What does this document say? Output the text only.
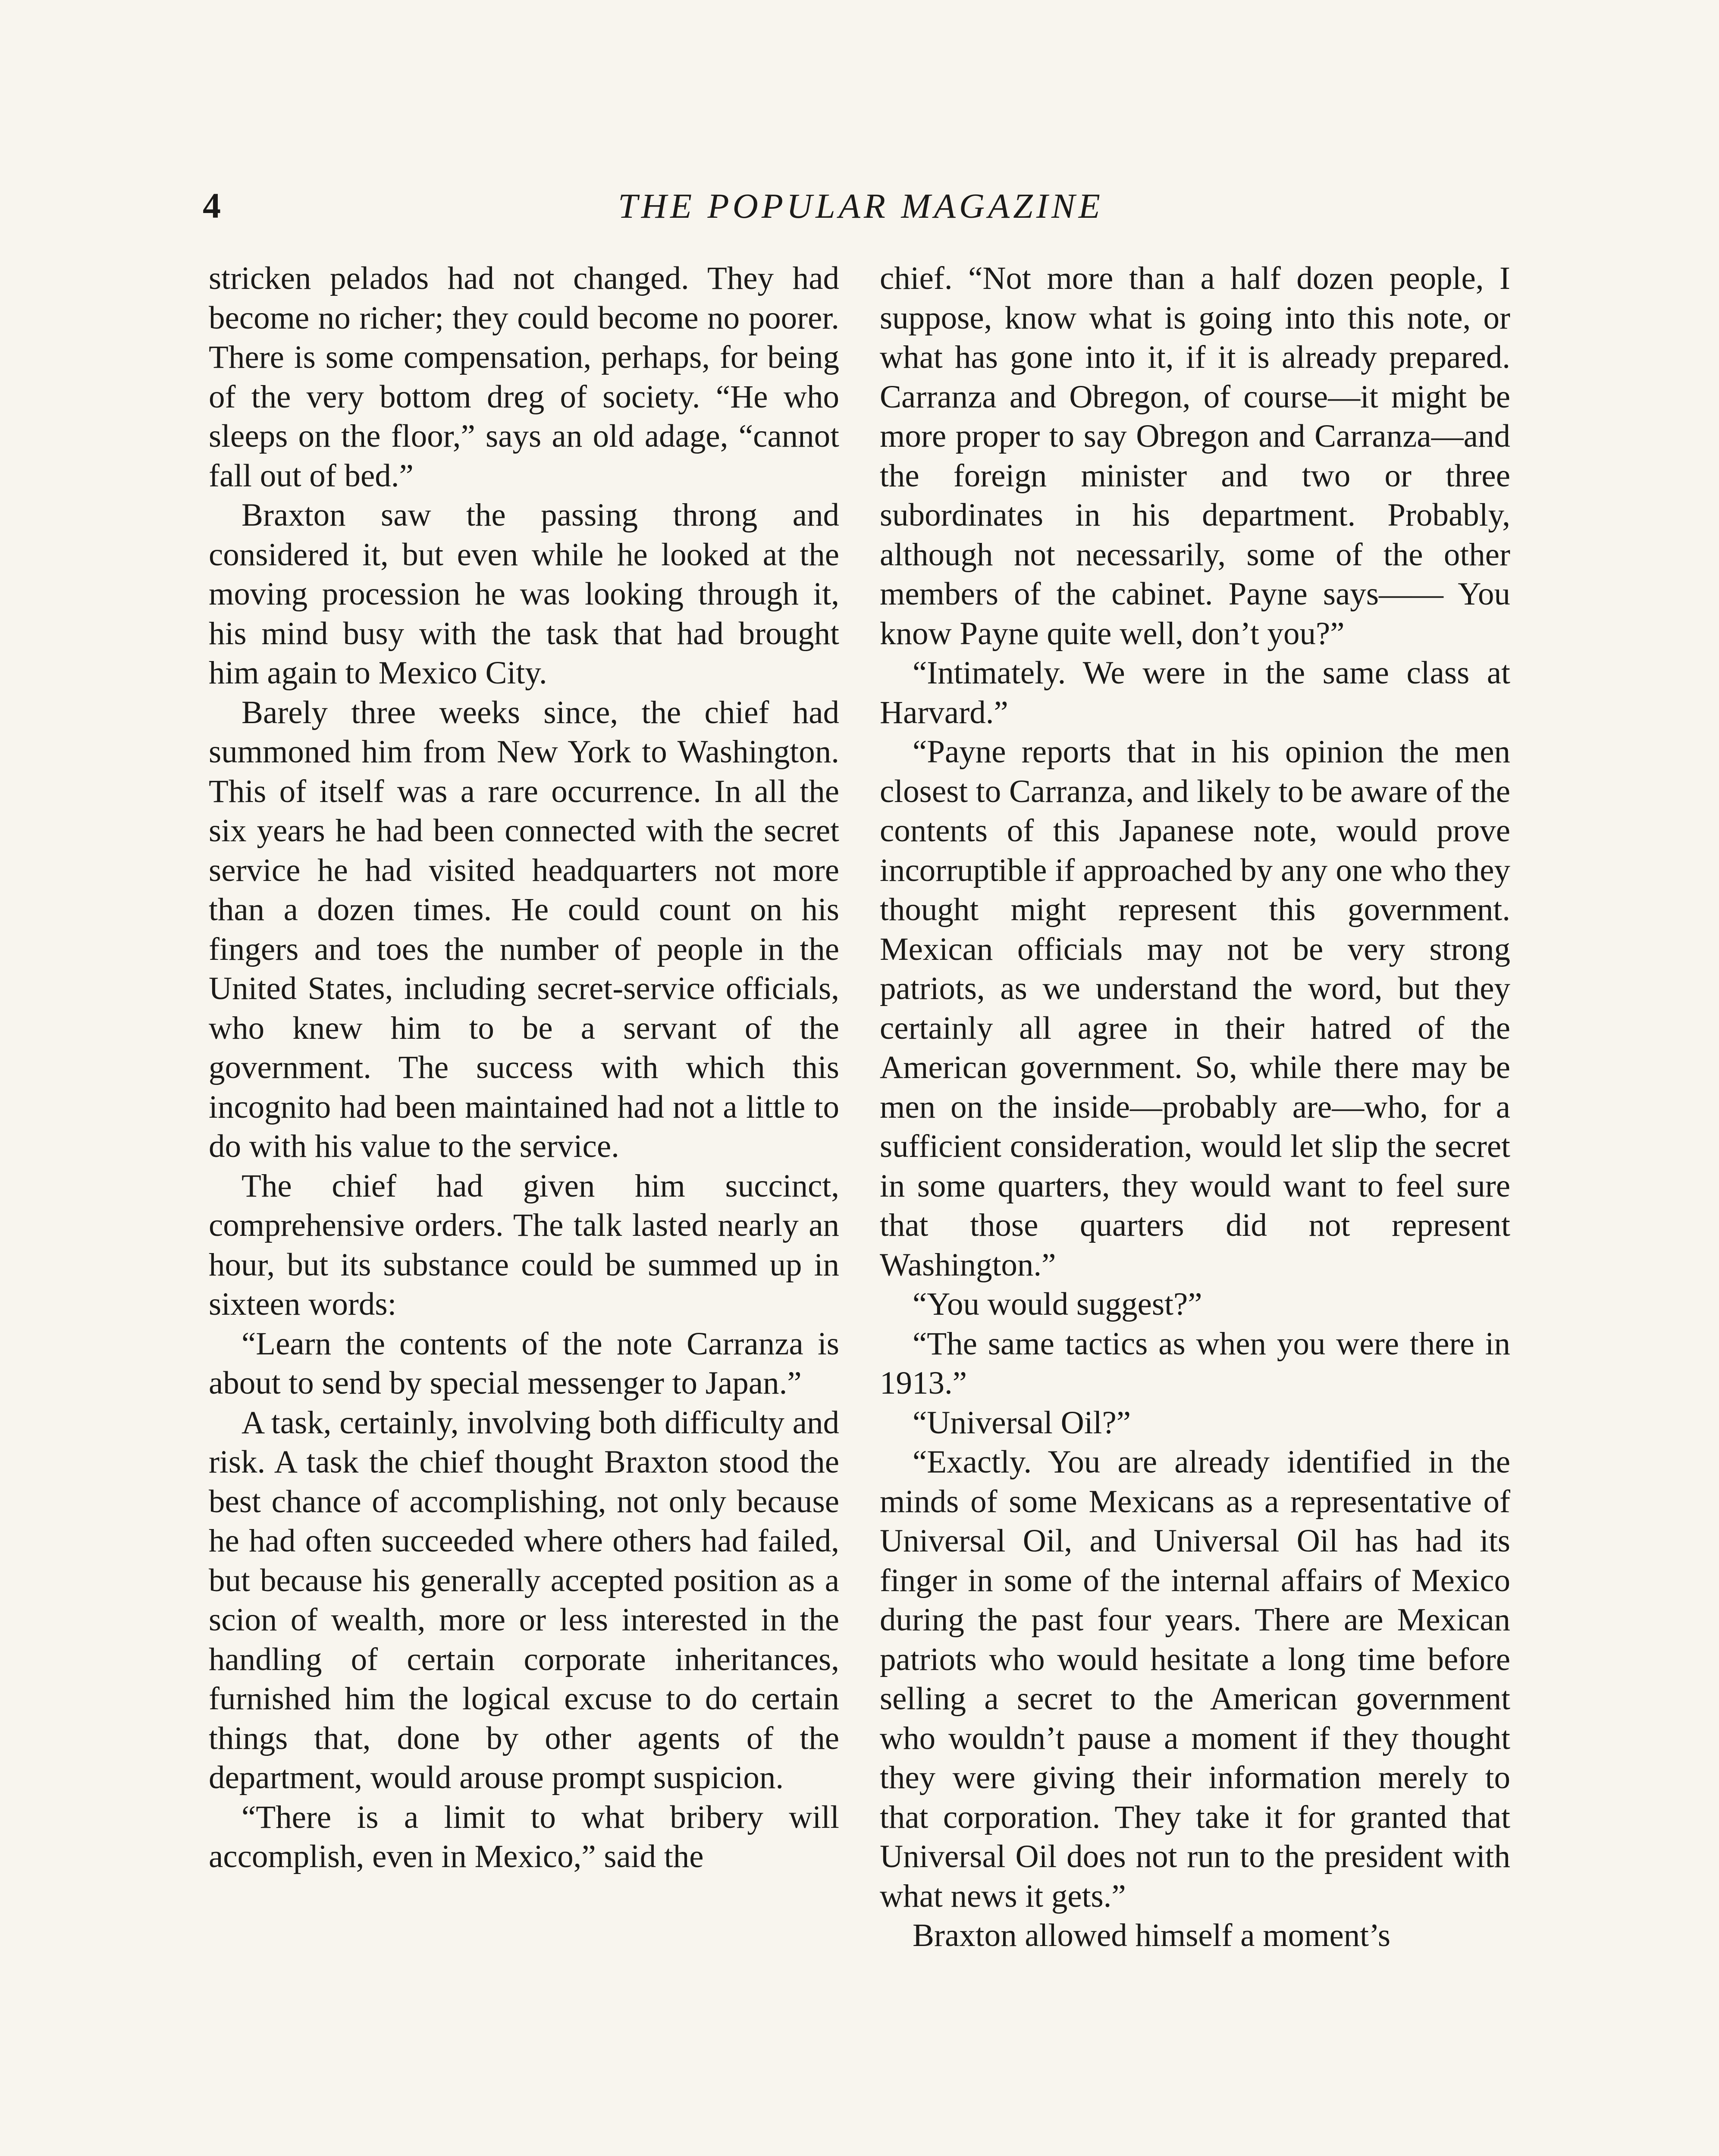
4	THE POPULAR MAGAZINE

stricken pelados had not changed. They had become no richer; they could become no poorer. There is some compensation, perhaps, for being of the very bottom dreg of society. “He who sleeps on the floor,” says an old adage, “cannot fall out of bed.”

Braxton saw the passing throng and considered it, but even while he looked at the moving procession he was looking through it, his mind busy with the task that had brought him again to Mexico City.

Barely three weeks since, the chief had summoned him from New York to Washington. This of itself was a rare occurrence. In all the six years he had been connected with the secret service he had visited headquarters not more than a dozen times. He could count on his fingers and toes the number of people in the United States, including secret-service officials, who knew him to be a servant of the government. The success with which this incognito had been maintained had not a little to do with his value to the service.

The chief had given him succinct, comprehensive orders. The talk lasted nearly an hour, but its substance could be summed up in sixteen words:

“Learn the contents of the note Carranza is about to send by special messenger to Japan.”

A task, certainly, involving both difficulty and risk. A task the chief thought Braxton stood the best chance of accomplishing, not only because he had often succeeded where others had failed, but because his generally accepted position as a scion of wealth, more or less interested in the handling of certain corporate inheritances, furnished him the logical excuse to do certain things that, done by other agents of the department, would arouse prompt suspicion.

“There is a limit to what bribery will accomplish, even in Mexico,” said the

chief. “Not more than a half dozen people, I suppose, know what is going into this note, or what has gone into it, if it is already prepared. Carranza and Obregon, of course—it might be more proper to say Obregon and Carranza—and the foreign minister and two or three subordinates in his department. Probably, although not necessarily, some of the other members of the cabinet. Payne says—— You know Payne quite well, don’t you?”

“Intimately. We were in the same class at Harvard.”

“Payne reports that in his opinion the men closest to Carranza, and likely to be aware of the contents of this Japanese note, would prove incorruptible if approached by any one who they thought might represent this government. Mexican officials may not be very strong patriots, as we understand the word, but they certainly all agree in their hatred of the American government. So, while there may be men on the inside—probably are—who, for a sufficient consideration, would let slip the secret in some quarters, they would want to feel sure that those quarters did not represent Washington.”

“You would suggest?”

“The same tactics as when you were there in 1913.”

“Universal Oil?”

“Exactly. You are already identified in the minds of some Mexicans as a representative of Universal Oil, and Universal Oil has had its finger in some of the internal affairs of Mexico during the past four years. There are Mexican patriots who would hesitate a long time before selling a secret to the American government who wouldn’t pause a moment if they thought they were giving their information merely to that corporation. They take it for granted that Universal Oil does not run to the president with what news it gets.”

Braxton allowed himself a moment’s
